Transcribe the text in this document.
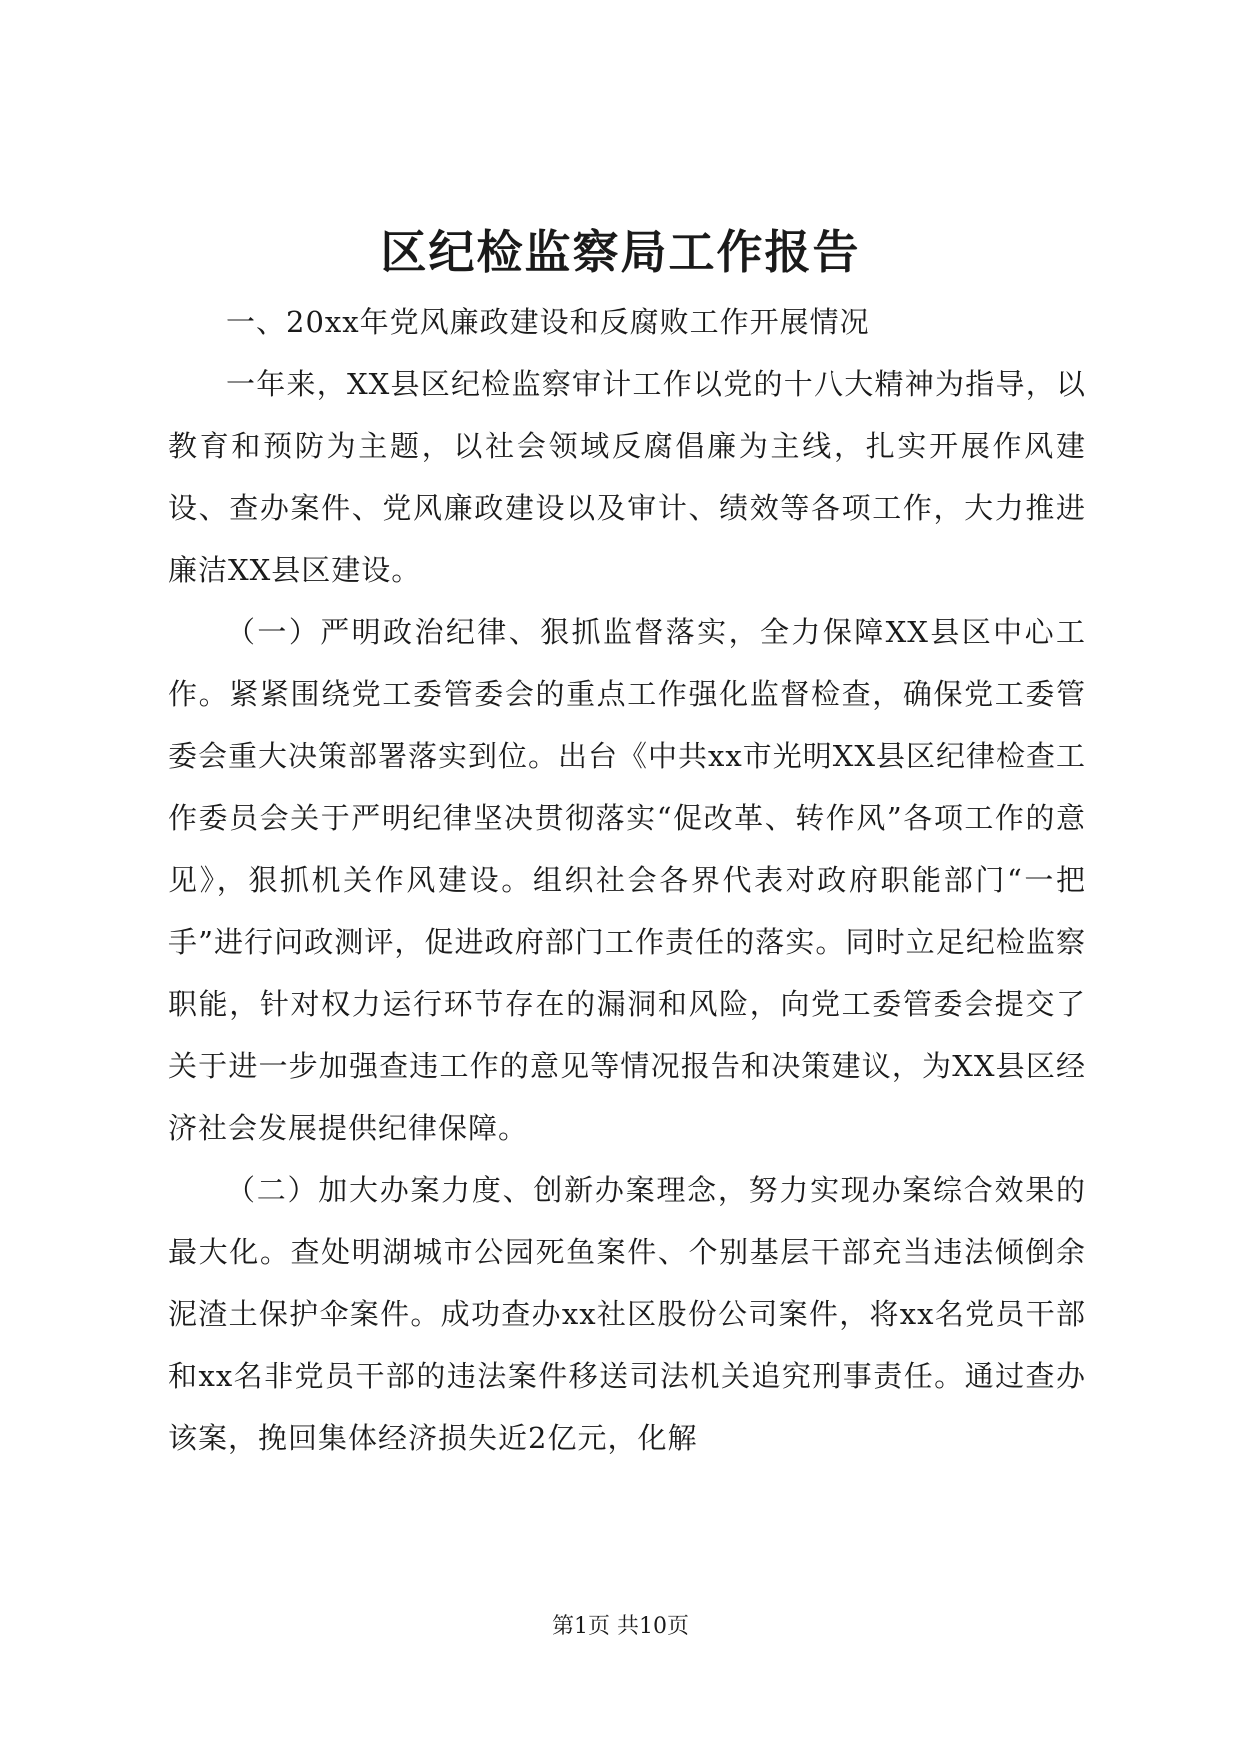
区纪检监察局工作报告

一、20xx年党风廉政建设和反腐败工作开展情况

一年来，XX县区纪检监察审计工作以党的十八大精神为指导，以教育和预防为主题，以社会领域反腐倡廉为主线，扎实开展作风建设、查办案件、党风廉政建设以及审计、绩效等各项工作，大力推进廉洁XX县区建设。

（一）严明政治纪律、狠抓监督落实，全力保障XX县区中心工作。紧紧围绕党工委管委会的重点工作强化监督检查，确保党工委管委会重大决策部署落实到位。出台《中共xx市光明XX县区纪律检查工作委员会关于严明纪律坚决贯彻落实“促改革、转作风”各项工作的意见》，狠抓机关作风建设。组织社会各界代表对政府职能部门“一把手”进行问政测评，促进政府部门工作责任的落实。同时立足纪检监察职能，针对权力运行环节存在的漏洞和风险，向党工委管委会提交了关于进一步加强查违工作的意见等情况报告和决策建议，为XX县区经济社会发展提供纪律保障。

（二）加大办案力度、创新办案理念，努力实现办案综合效果的最大化。查处明湖城市公园死鱼案件、个别基层干部充当违法倾倒余泥渣土保护伞案件。成功查办xx社区股份公司案件，将xx名党员干部和xx名非党员干部的违法案件移送司法机关追究刑事责任。通过查办该案，挽回集体经济损失近2亿元，化解

第1页 共10页
